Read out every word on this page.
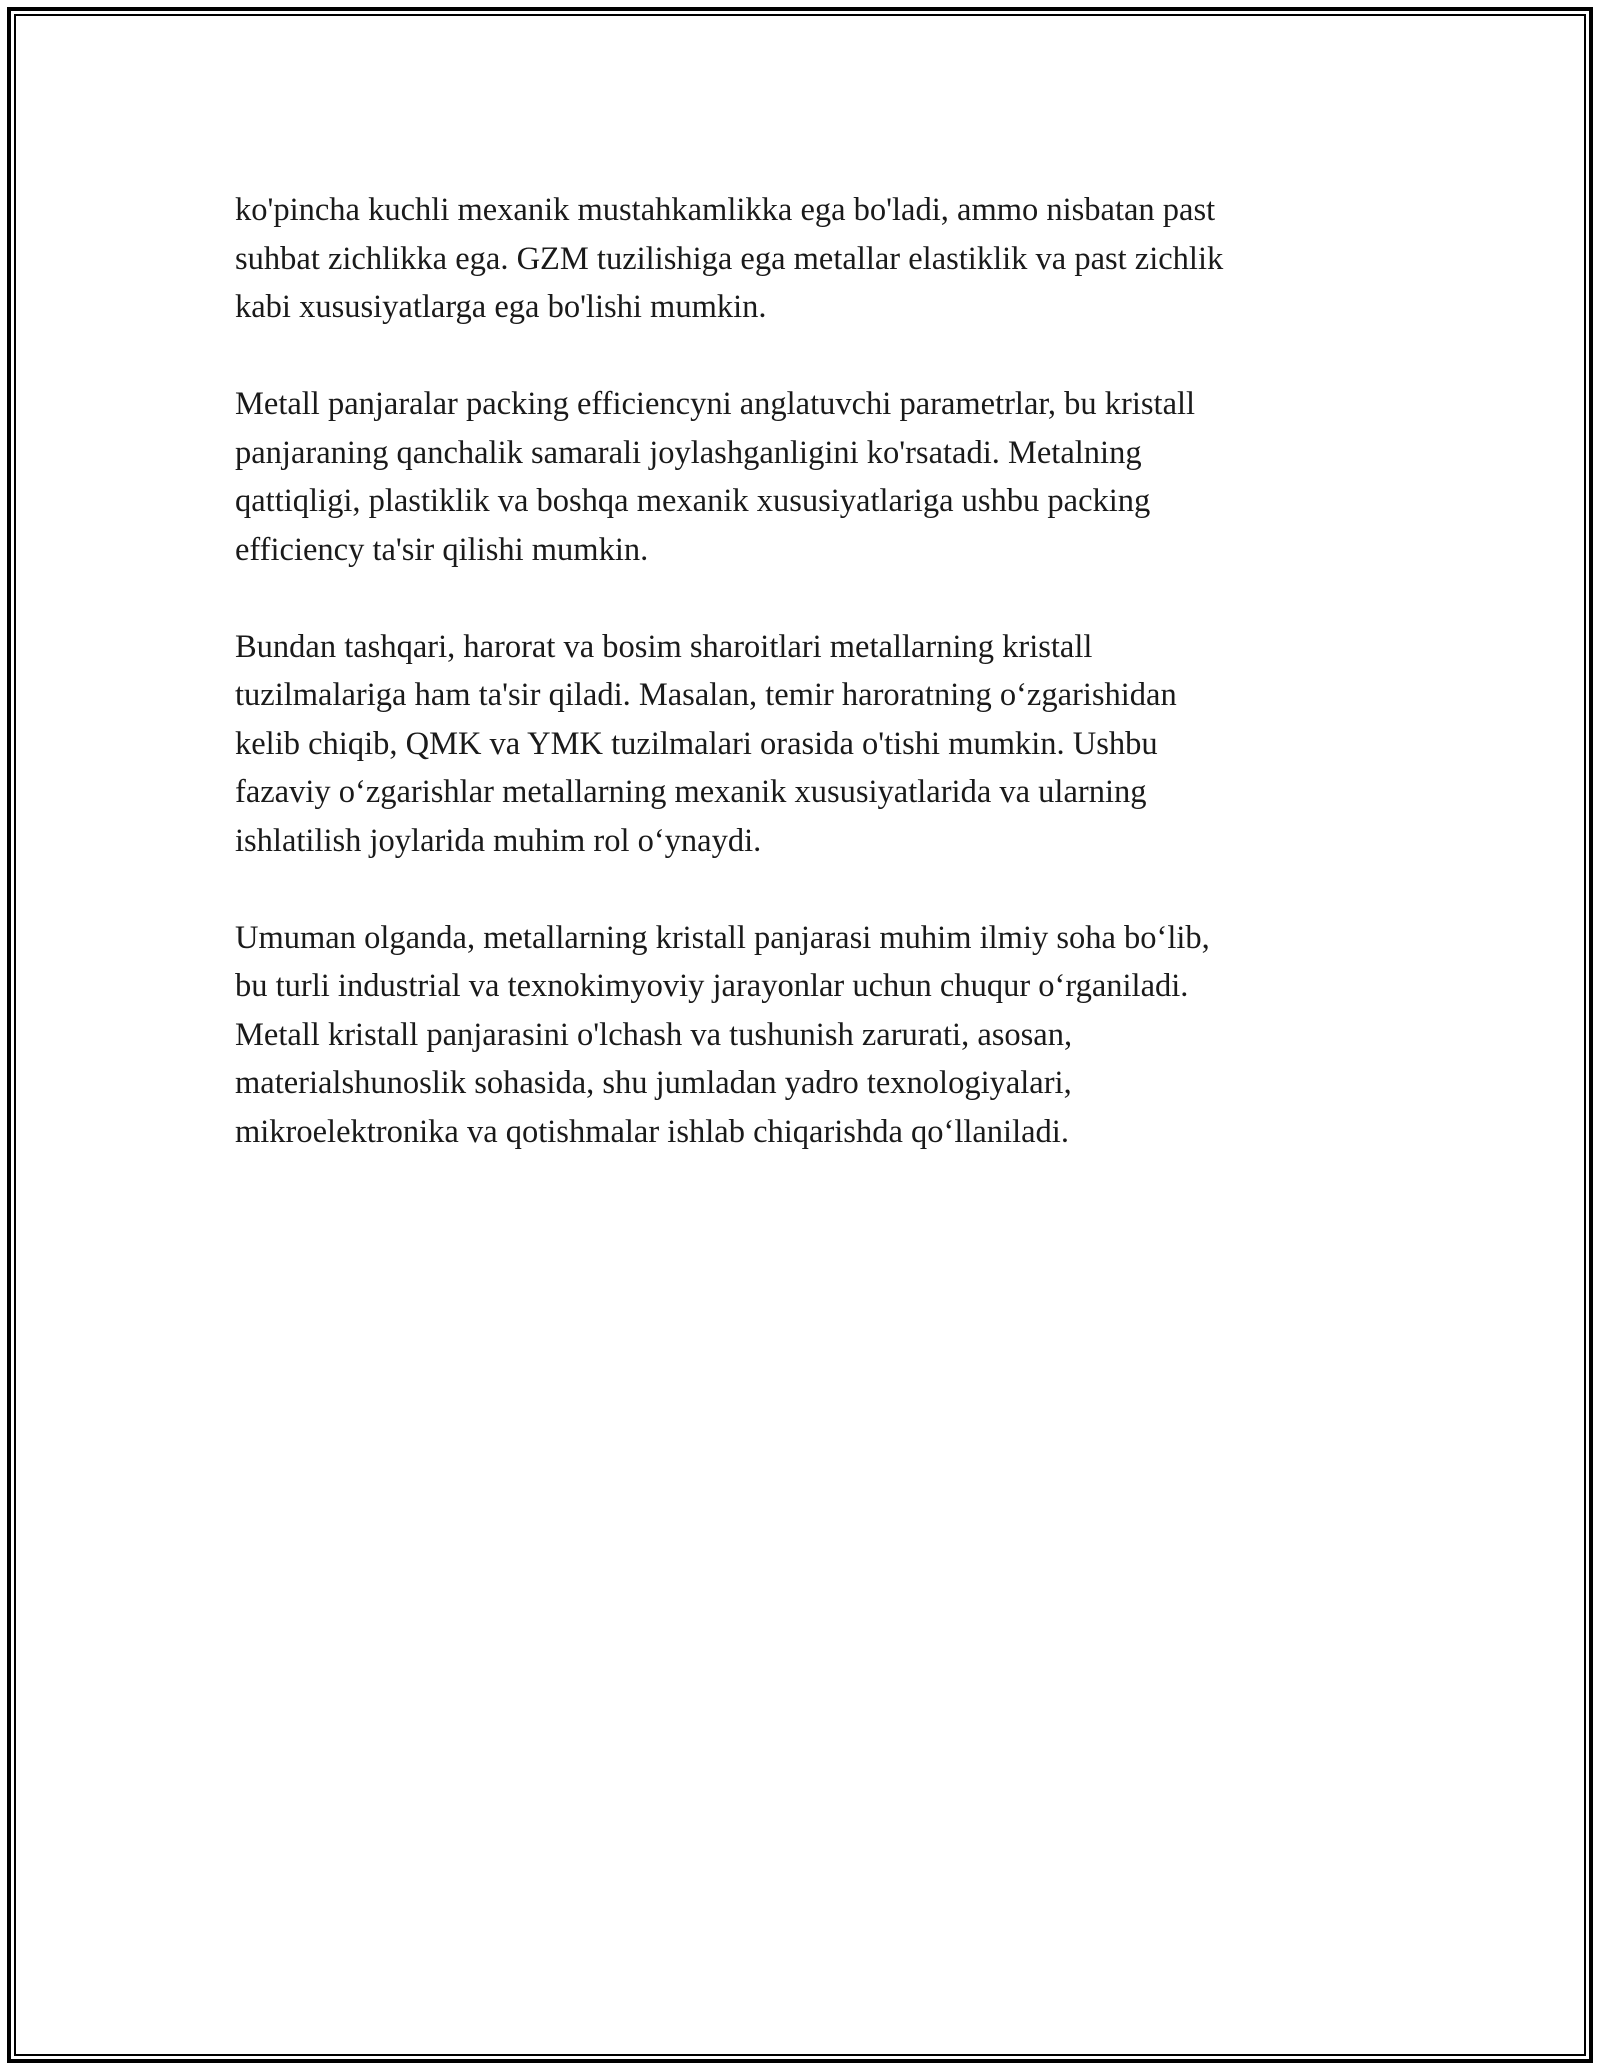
ko'pincha kuchli mexanik mustahkamlikka ega bo'ladi, ammo nisbatan past
suhbat zichlikka ega. GZM tuzilishiga ega metallar elastiklik va past zichlik
kabi xususiyatlarga ega bo'lishi mumkin.

Metall panjaralar packing efficiencyni anglatuvchi parametrlar, bu kristall
panjaraning qanchalik samarali joylashganligini ko'rsatadi. Metalning
qattiqligi, plastiklik va boshqa mexanik xususiyatlariga ushbu packing
efficiency ta'sir qilishi mumkin.

Bundan tashqari, harorat va bosim sharoitlari metallarning kristall
tuzilmalariga ham ta'sir qiladi. Masalan, temir haroratning o‘zgarishidan
kelib chiqib, QMK va YMK tuzilmalari orasida o'tishi mumkin. Ushbu
fazaviy o‘zgarishlar metallarning mexanik xususiyatlarida va ularning
ishlatilish joylarida muhim rol o‘ynaydi.

Umuman olganda, metallarning kristall panjarasi muhim ilmiy soha bo‘lib,
bu turli industrial va texnokimyoviy jarayonlar uchun chuqur o‘rganiladi.
Metall kristall panjarasini o'lchash va tushunish zarurati, asosan,
materialshunoslik sohasida, shu jumladan yadro texnologiyalari,
mikroelektronika va qotishmalar ishlab chiqarishda qo‘llaniladi.
